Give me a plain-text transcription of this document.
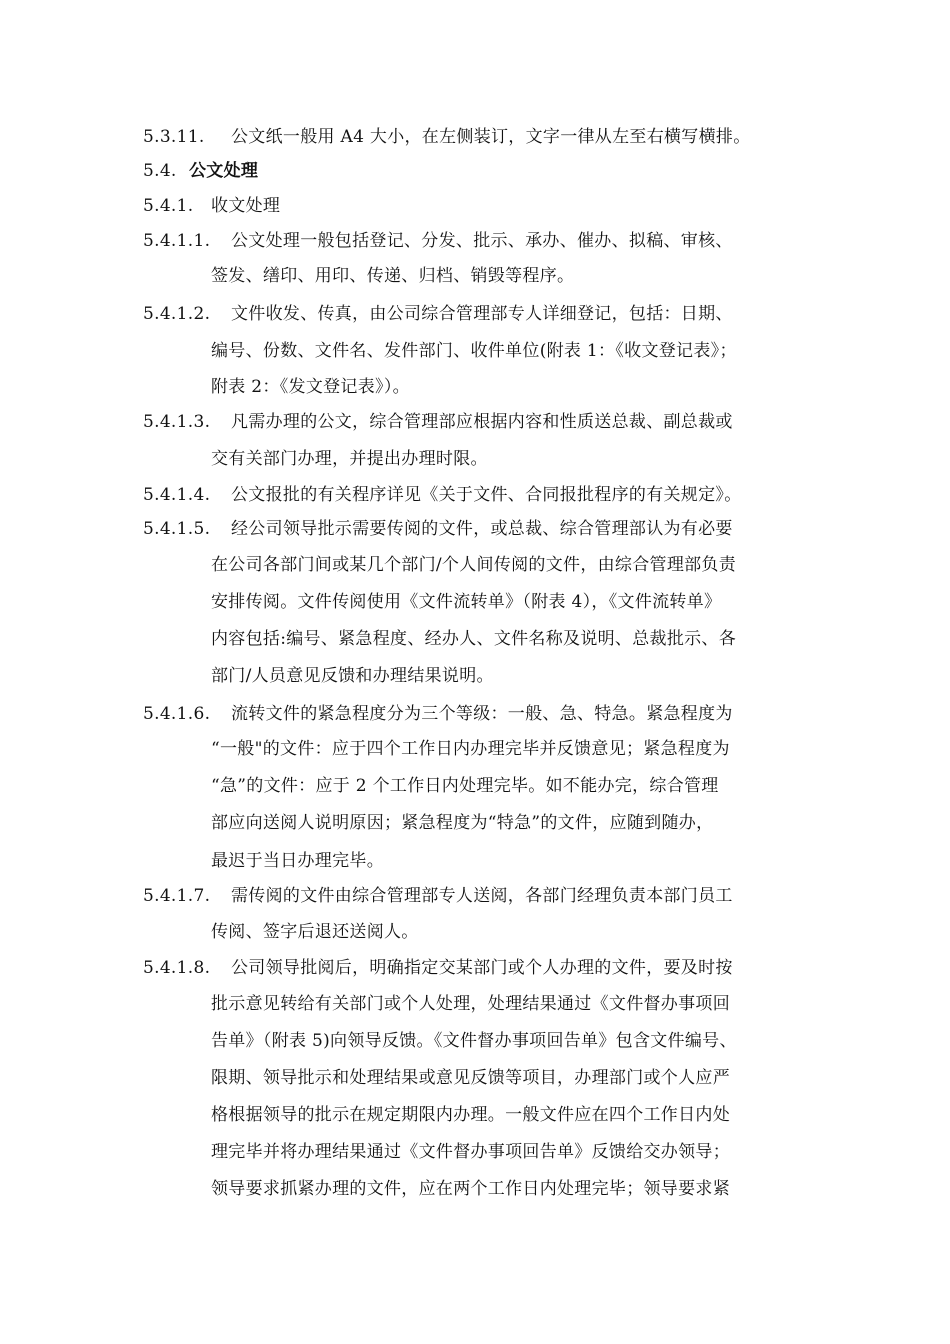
5.3.11. 公文纸一般用 A4 大小，在左侧装订，文字一律从左至右横写横排。
5.4. 公文处理
5.4.1. 收文处理
5.4.1.1. 公文处理一般包括登记、分发、批示、承办、催办、拟稿、审核、
签发、缮印、用印、传递、归档、销毁等程序。
5.4.1.2. 文件收发、传真，由公司综合管理部专人详细登记，包括：日期、
编号、份数、文件名、发件部门、收件单位(附表 1：《收文登记表》；
附表 2：《发文登记表》）。
5.4.1.3. 凡需办理的公文，综合管理部应根据内容和性质送总裁、副总裁或
交有关部门办理，并提出办理时限。
5.4.1.4. 公文报批的有关程序详见《关于文件、合同报批程序的有关规定》。
5.4.1.5. 经公司领导批示需要传阅的文件，或总裁、综合管理部认为有必要
在公司各部门间或某几个部门/个人间传阅的文件，由综合管理部负责
安排传阅。文件传阅使用《文件流转单》（附表 4），《文件流转单》
内容包括:编号、紧急程度、经办人、文件名称及说明、总裁批示、各
部门/人员意见反馈和办理结果说明。
5.4.1.6. 流转文件的紧急程度分为三个等级：一般、急、特急。紧急程度为
“一般"的文件：应于四个工作日内办理完毕并反馈意见；紧急程度为
“急”的文件：应于 2 个工作日内处理完毕。如不能办完，综合管理
部应向送阅人说明原因；紧急程度为“特急”的文件，应随到随办，
最迟于当日办理完毕。
5.4.1.7. 需传阅的文件由综合管理部专人送阅，各部门经理负责本部门员工
传阅、签字后退还送阅人。
5.4.1.8. 公司领导批阅后，明确指定交某部门或个人办理的文件，要及时按
批示意见转给有关部门或个人处理，处理结果通过《文件督办事项回
告单》（附表 5)向领导反馈。《文件督办事项回告单》包含文件编号、
限期、领导批示和处理结果或意见反馈等项目，办理部门或个人应严
格根据领导的批示在规定期限内办理。一般文件应在四个工作日内处
理完毕并将办理结果通过《文件督办事项回告单》反馈给交办领导；
领导要求抓紧办理的文件，应在两个工作日内处理完毕；领导要求紧
